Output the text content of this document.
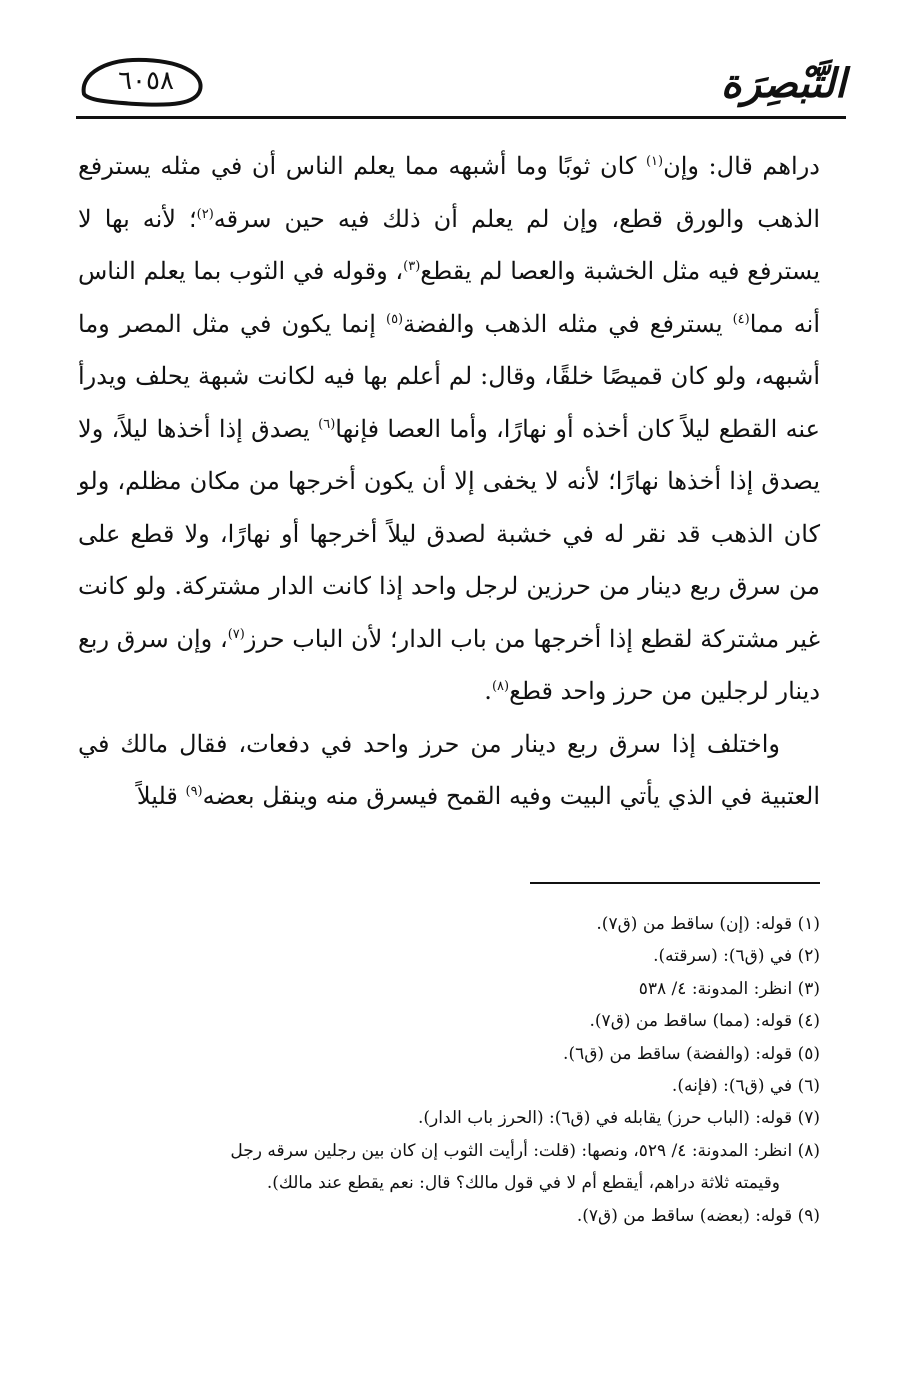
التَّبْصِرَة
٦٠٥٨

دراهم قال: وإن$^{(١)}$ كان ثوبًا وما أشبهه مما يعلم الناس أن في مثله يسترفع الذهب والورق قطع، وإن لم يعلم أن ذلك فيه حين سرقه$^{(٢)}$؛ لأنه بها لا يسترفع فيه مثل الخشبة والعصا لم يقطع$^{(٣)}$، وقوله في الثوب بما يعلم الناس أنه مما$^{(٤)}$ يسترفع في مثله الذهب والفضة$^{(٥)}$ إنما يكون في مثل المصر وما أشبهه، ولو كان قميصًا خلقًا، وقال: لم أعلم بها فيه لكانت شبهة يحلف ويدرأ عنه القطع ليلاً كان أخذه أو نهارًا، وأما العصا فإنها$^{(٦)}$ يصدق إذا أخذها ليلاً، ولا يصدق إذا أخذها نهارًا؛ لأنه لا يخفى إلا أن يكون أخرجها من مكان مظلم، ولو كان الذهب قد نقر له في خشبة لصدق ليلاً أخرجها أو نهارًا، ولا قطع على من سرق ربع دينار من حرزين لرجل واحد إذا كانت الدار مشتركة. ولو كانت غير مشتركة لقطع إذا أخرجها من باب الدار؛ لأن الباب حرز$^{(٧)}$، وإن سرق ربع دينار لرجلين من حرز واحد قطع$^{(٨)}$.

واختلف إذا سرق ربع دينار من حرز واحد في دفعات، فقال مالك في العتبية في الذي يأتي البيت وفيه القمح فيسرق منه وينقل بعضه$^{(٩)}$ قليلاً

(١) قوله: (إن) ساقط من (ق٧).
(٢) في (ق٦): (سرقته).
(٣) انظر: المدونة: ٤/ ٥٣٨
(٤) قوله: (مما) ساقط من (ق٧).
(٥) قوله: (والفضة) ساقط من (ق٦).
(٦) في (ق٦): (فإنه).
(٧) قوله: (الباب حرز) يقابله في (ق٦): (الحرز باب الدار).
(٨) انظر: المدونة: ٤/ ٥٢٩، ونصها: (قلت: أرأيت الثوب إن كان بين رجلين سرقه رجل
وقيمته ثلاثة دراهم، أيقطع أم لا في قول مالك؟ قال: نعم يقطع عند مالك).
(٩) قوله: (بعضه) ساقط من (ق٧).
